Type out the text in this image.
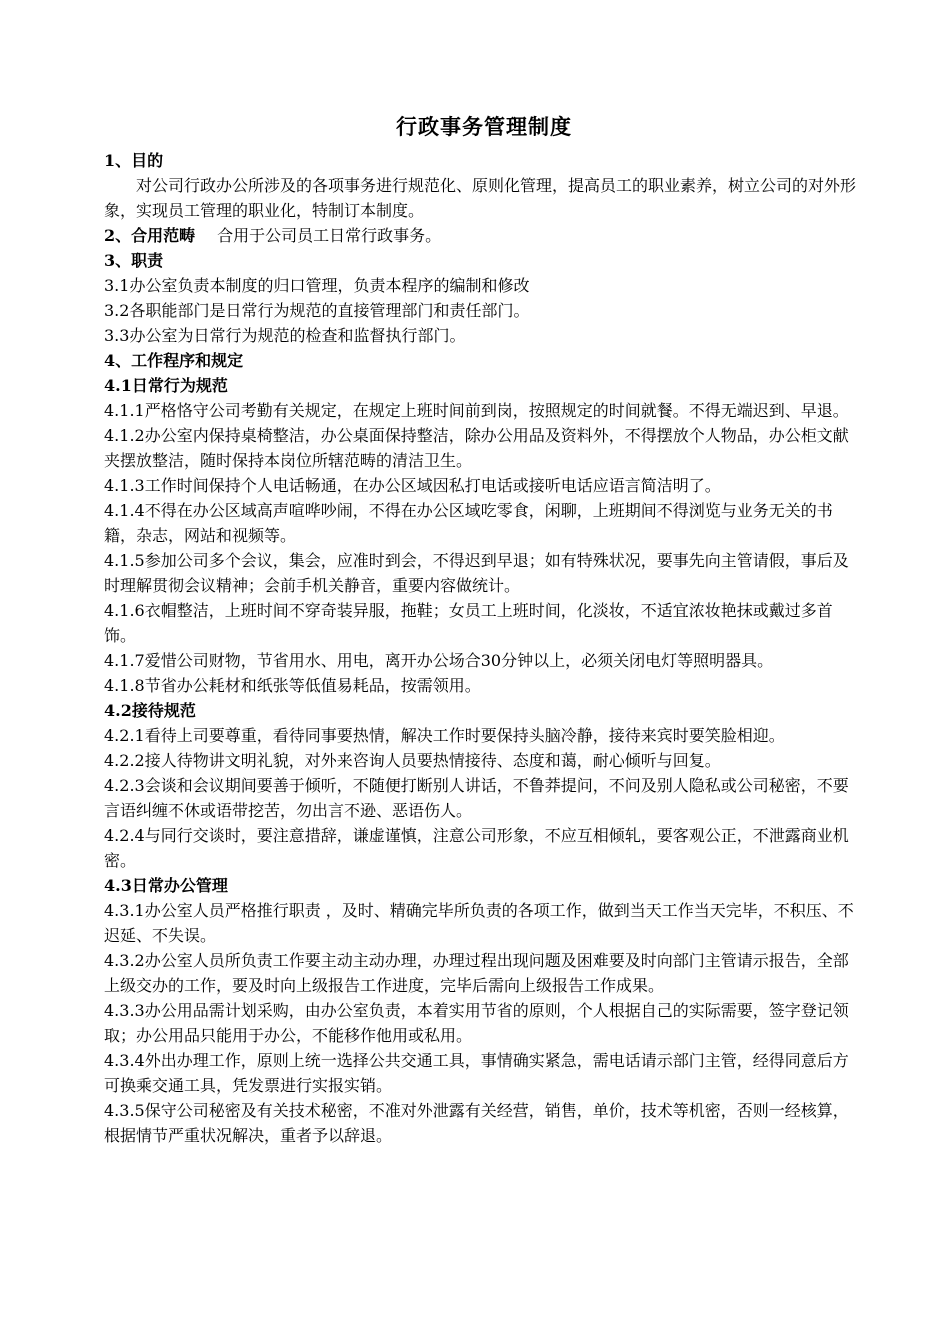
行政事务管理制度

1、目的

对公司行政办公所涉及的各项事务进行规范化、原则化管理，提高员工的职业素养，树立公司的对外形象，实现员工管理的职业化，特制订本制度。

2、合用范畴 合用于公司员工日常行政事务。

3、职责

3.1办公室负责本制度的归口管理，负责本程序的编制和修改

3.2各职能部门是日常行为规范的直接管理部门和责任部门。

3.3办公室为日常行为规范的检查和监督执行部门。

4、工作程序和规定

4.1日常行为规范

4.1.1严格恪守公司考勤有关规定，在规定上班时间前到岗，按照规定的时间就餐。不得无端迟到、早退。

4.1.2办公室内保持桌椅整洁，办公桌面保持整洁，除办公用品及资料外，不得摆放个人物品，办公柜文献夹摆放整洁，随时保持本岗位所辖范畴的清洁卫生。

4.1.3工作时间保持个人电话畅通，在办公区域因私打电话或接听电话应语言简洁明了。

4.1.4不得在办公区域高声喧哗吵闹，不得在办公区域吃零食，闲聊，上班期间不得浏览与业务无关的书籍，杂志，网站和视频等。

4.1.5参加公司多个会议，集会，应准时到会，不得迟到早退；如有特殊状况，要事先向主管请假，事后及时理解贯彻会议精神；会前手机关静音，重要内容做统计。

4.1.6衣帽整洁，上班时间不穿奇装异服，拖鞋；女员工上班时间，化淡妆，不适宜浓妆艳抹或戴过多首饰。

4.1.7爱惜公司财物，节省用水、用电，离开办公场合30分钟以上，必须关闭电灯等照明器具。

4.1.8节省办公耗材和纸张等低值易耗品，按需领用。

4.2接待规范

4.2.1看待上司要尊重，看待同事要热情，解决工作时要保持头脑冷静，接待来宾时要笑脸相迎。

4.2.2接人待物讲文明礼貌，对外来咨询人员要热情接待、态度和蔼，耐心倾听与回复。

4.2.3会谈和会议期间要善于倾听，不随便打断别人讲话，不鲁莽提问，不问及别人隐私或公司秘密，不要言语纠缠不休或语带挖苦，勿出言不逊、恶语伤人。

4.2.4与同行交谈时，要注意措辞，谦虚谨慎，注意公司形象，不应互相倾轧，要客观公正，不泄露商业机密。

4.3日常办公管理

4.3.1办公室人员严格推行职责 ，及时、精确完毕所负责的各项工作，做到当天工作当天完毕，不积压、不迟延、不失误。

4.3.2办公室人员所负责工作要主动主动办理，办理过程出现问题及困难要及时向部门主管请示报告，全部上级交办的工作，要及时向上级报告工作进度，完毕后需向上级报告工作成果。

4.3.3办公用品需计划采购，由办公室负责，本着实用节省的原则，个人根据自己的实际需要，签字登记领取；办公用品只能用于办公，不能移作他用或私用。

4.3.4外出办理工作，原则上统一选择公共交通工具，事情确实紧急，需电话请示部门主管，经得同意后方可换乘交通工具，凭发票进行实报实销。

4.3.5保守公司秘密及有关技术秘密，不准对外泄露有关经营，销售，单价，技术等机密，否则一经核算，根据情节严重状况解决，重者予以辞退。
